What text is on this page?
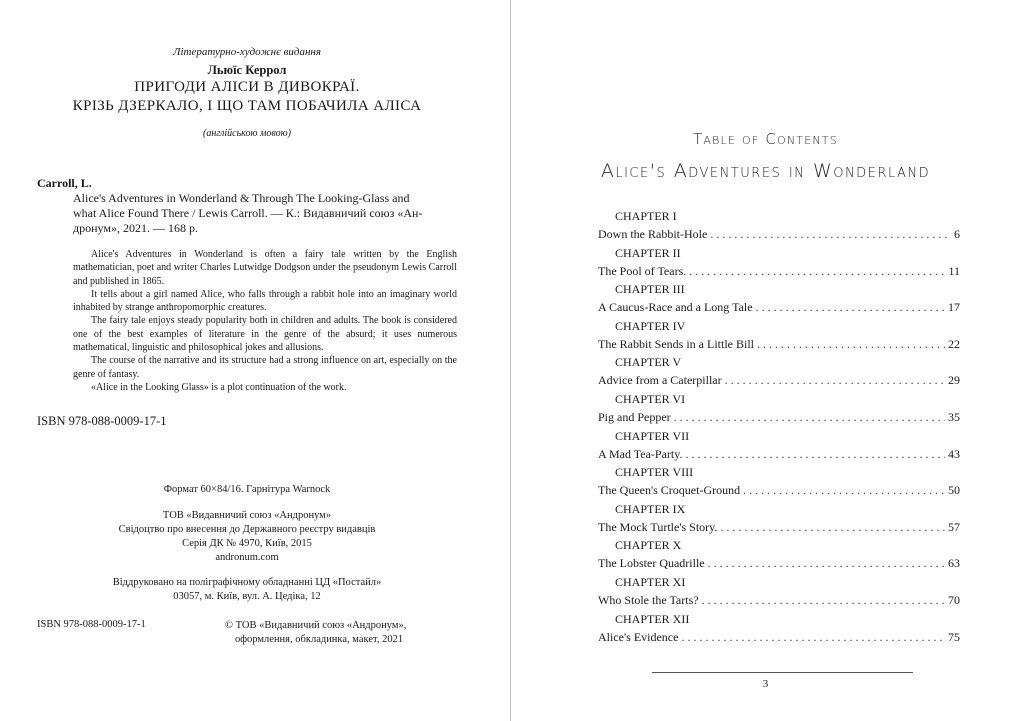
Літературно-художнє видання
Льюїс Керрол
ПРИГОДИ АЛІСИ В ДИВОКРАЇ.
КРІЗЬ ДЗЕРКАЛО, І ЩО ТАМ ПОБАЧИЛА АЛІСА
(англійською мовою)
Carroll, L.
Alice's Adventures in Wonderland & Through The Looking-Glass and
what Alice Found There / Lewis Carroll. — К.: Видавничий союз «Ан-
дронум», 2021. — 168 р.

Alice's Adventures in Wonderland is often a fairy tale written by the English mathematician, poet and writer Charles Lutwidge Dodgson under the pseudonym Lewis Carroll and published in 1865.

It tells about a girl named Alice, who falls through a rabbit hole into an imaginary world inhabited by strange anthropomorphic creatures.

The fairy tale enjoys steady popularity both in children and adults. The book is considered one of the best examples of literature in the genre of the absurd; it uses numerous mathematical, linguistic and philosophical jokes and allusions.

The course of the narrative and its structure had a strong influence on art, especially on the genre of fantasy.

«Alice in the Looking Glass» is a plot continuation of the work.

ISBN 978-088-0009-17-1
Формат 60×84/16. Гарнітура Warnock
ТОВ «Видавничий союз «Андронум»
Свідоцтво про внесення до Державного реєстру видавців
Серія ДК № 4970, Київ, 2015
andronum.com
Віддруковано на поліграфічному обладнанні ЦД «Постайл»
03057, м. Київ, вул. А. Цедіка, 12
ISBN 978-088-0009-17-1	© ТОВ «Видавничий союз «Андронум»,
оформлення, обкладинка, макет, 2021
Table of Contents
Alice's Adventures in Wonderland
CHAPTER I
Down the Rabbit-Hole . . .	6
CHAPTER II
The Pool of Tears. . . .	11
CHAPTER III
A Caucus-Race and a Long Tale . . .	17
CHAPTER IV
The Rabbit Sends in a Little Bill . . .	22
CHAPTER V
Advice from a Caterpillar . . .	29
CHAPTER VI
Pig and Pepper . . .	35
CHAPTER VII
A Mad Tea-Party. . . .	43
CHAPTER VIII
The Queen's Croquet-Ground . . .	50
CHAPTER IX
The Mock Turtle's Story. . . .	57
CHAPTER X
The Lobster Quadrille . . .	63
CHAPTER XI
Who Stole the Tarts? . . .	70
CHAPTER XII
Alice's Evidence . . .	75
3
